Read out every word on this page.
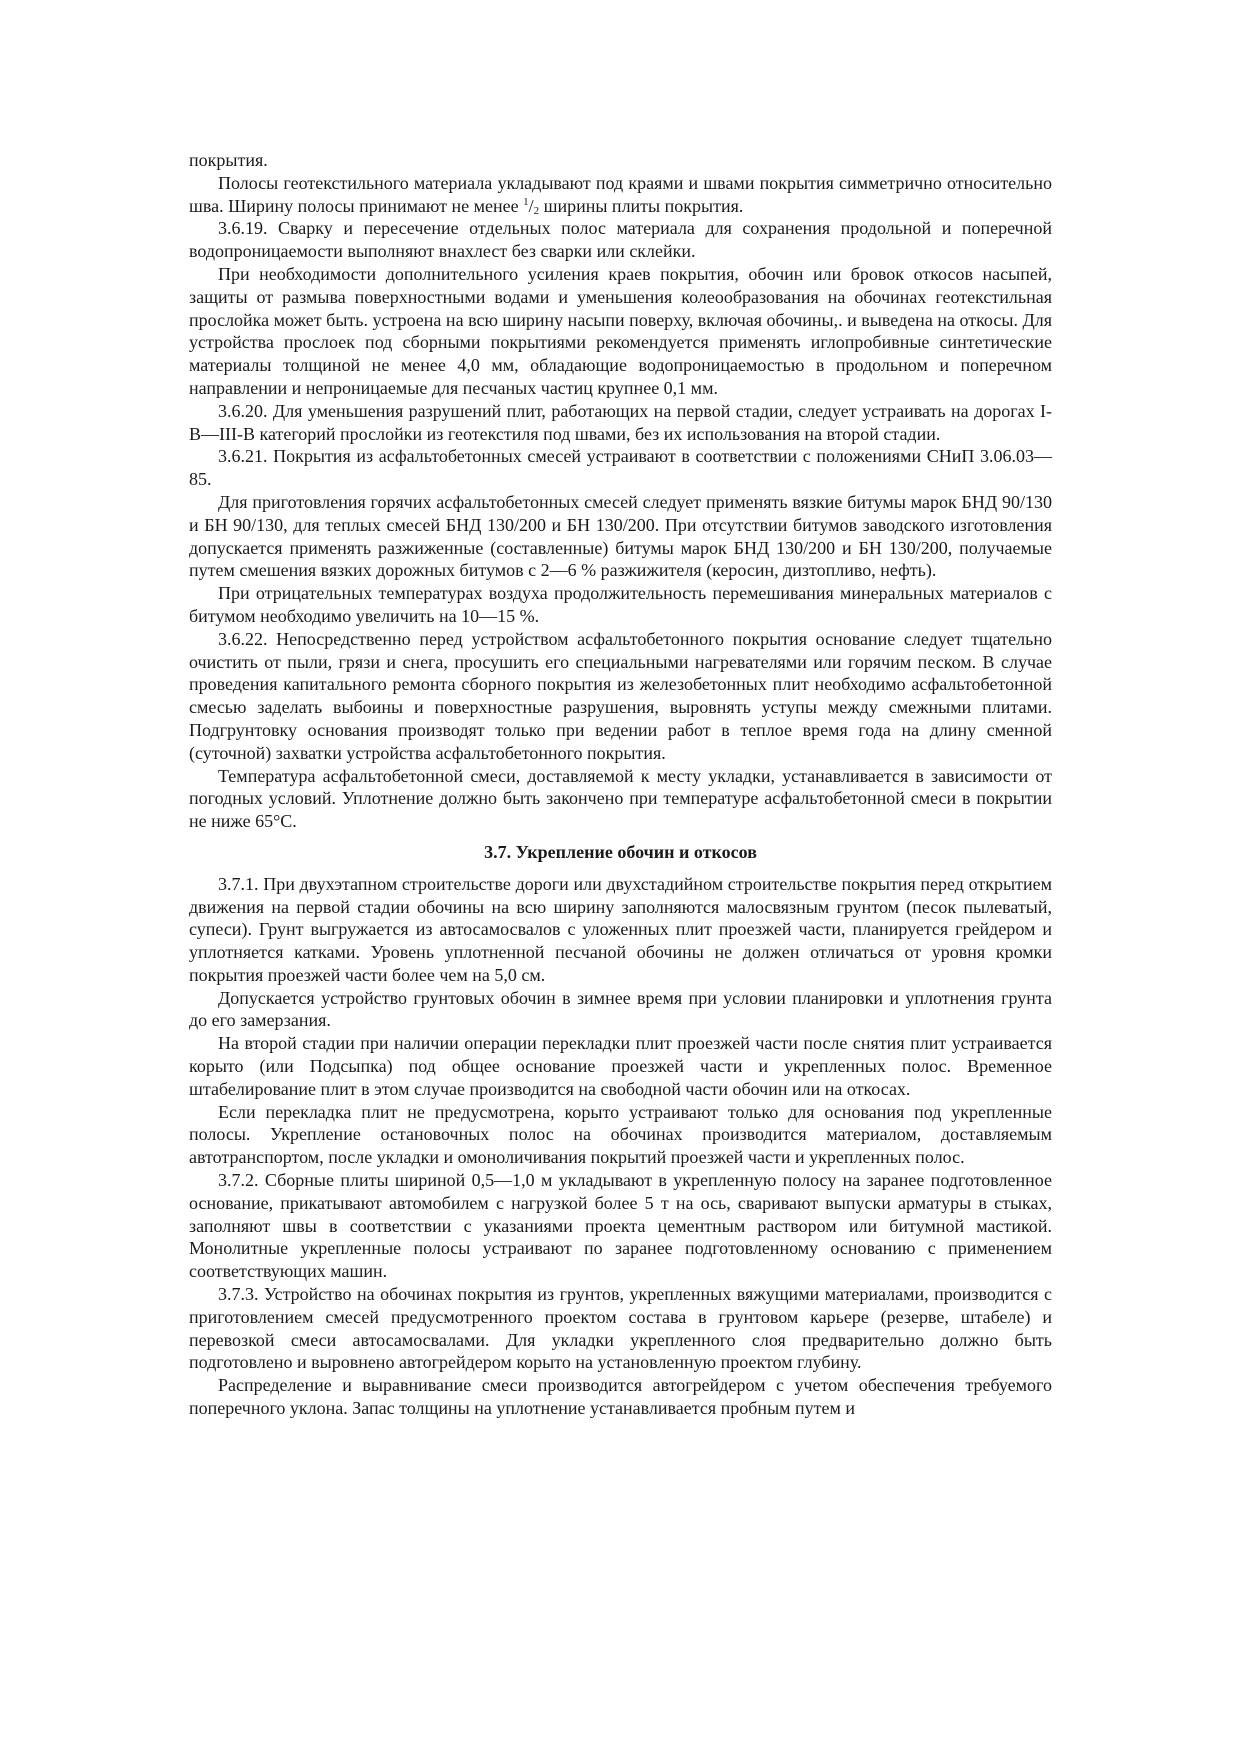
покрытия.

Полосы геотекстильного материала укладывают под краями и швами покрытия симметрично относительно шва. Ширину полосы принимают не менее $^1/_2$ ширины плиты покрытия.

3.6.19. Сварку и пересечение отдельных полос материала для сохранения продольной и поперечной водопроницаемости выполняют внахлест без сварки или склейки.

При необходимости дополнительного усиления краев покрытия, обочин или бровок откосов насыпей, защиты от размыва поверхностными водами и уменьшения колеообразования на обочинах геотекстильная прослойка может быть. устроена на всю ширину насыпи поверху, включая обочины,. и выведена на откосы. Для устройства прослоек под сборными покрытиями рекомендуется применять иглопробивные синтетические материалы толщиной не менее 4,0 мм, обладающие водопроницаемостью в продольном и поперечном направлении и непроницаемые для песчаных частиц крупнее 0,1 мм.

3.6.20. Для уменьшения разрушений плит, работающих на первой стадии, следует устраивать на дорогах I-В—III-В категорий прослойки из геотекстиля под швами, без их использования на второй стадии.

3.6.21. Покрытия из асфальтобетонных смесей устраивают в соответствии с положениями СНиП 3.06.03—85.

Для приготовления горячих асфальтобетонных смесей следует применять вязкие битумы марок БНД 90/130 и БН 90/130, для теплых смесей БНД 130/200 и БН 130/200. При отсутствии битумов заводского изготовления допускается применять разжиженные (составленные) битумы марок БНД 130/200 и БН 130/200, получаемые путем смешения вязких дорожных битумов с 2—6 % разжижителя (керосин, дизтопливо, нефть).

При отрицательных температурах воздуха продолжительность перемешивания минеральных материалов с битумом необходимо увеличить на 10—15 %.

3.6.22. Непосредственно перед устройством асфальтобетонного покрытия основание следует тщательно очистить от пыли, грязи и снега, просушить его специальными нагревателями или горячим песком. В случае проведения капитального ремонта сборного покрытия из железобетонных плит необходимо асфальтобетонной смесью заделать выбоины и поверхностные разрушения, выровнять уступы между смежными плитами. Подгрунтовку основания производят только при ведении работ в теплое время года на длину сменной (суточной) захватки устройства асфальтобетонного покрытия.

Температура асфальтобетонной смеси, доставляемой к месту укладки, устанавливается в зависимости от погодных условий. Уплотнение должно быть закончено при температуре асфальтобетонной смеси в покрытии не ниже 65°С.

3.7. Укрепление обочин и откосов

3.7.1. При двухэтапном строительстве дороги или двухстадийном строительстве покрытия перед открытием движения на первой стадии обочины на всю ширину заполняются малосвязным грунтом (песок пылеватый, супеси). Грунт выгружается из автосамосвалов с уложенных плит проезжей части, планируется грейдером и уплотняется катками. Уровень уплотненной песчаной обочины не должен отличаться от уровня кромки покрытия проезжей части более чем на 5,0 см.

Допускается устройство грунтовых обочин в зимнее время при условии планировки и уплотнения грунта до его замерзания.

На второй стадии при наличии операции перекладки плит проезжей части после снятия плит устраивается корыто (или Подсыпка) под общее основание проезжей части и укрепленных полос. Временное штабелирование плит в этом случае производится на свободной части обочин или на откосах.

Если перекладка плит не предусмотрена, корыто устраивают только для основания под укрепленные полосы. Укрепление остановочных полос на обочинах производится материалом, доставляемым автотранспортом, после укладки и омоноличивания покрытий проезжей части и укрепленных полос.

3.7.2. Сборные плиты шириной 0,5—1,0 м укладывают в укрепленную полосу на заранее подготовленное основание, прикатывают автомобилем с нагрузкой более 5 т на ось, сваривают выпуски арматуры в стыках, заполняют швы в соответствии с указаниями проекта цементным раствором или битумной мастикой. Монолитные укрепленные полосы устраивают по заранее подготовленному основанию с применением соответствующих машин.

3.7.3. Устройство на обочинах покрытия из грунтов, укрепленных вяжущими материалами, производится с приготовлением смесей предусмотренного проектом состава в грунтовом карьере (резерве, штабеле) и перевозкой смеси автосамосвалами. Для укладки укрепленного слоя предварительно должно быть подготовлено и выровнено автогрейдером корыто на установленную проектом глубину.

Распределение и выравнивание смеси производится автогрейдером с учетом обеспечения требуемого поперечного уклона. Запас толщины на уплотнение устанавливается пробным путем и
